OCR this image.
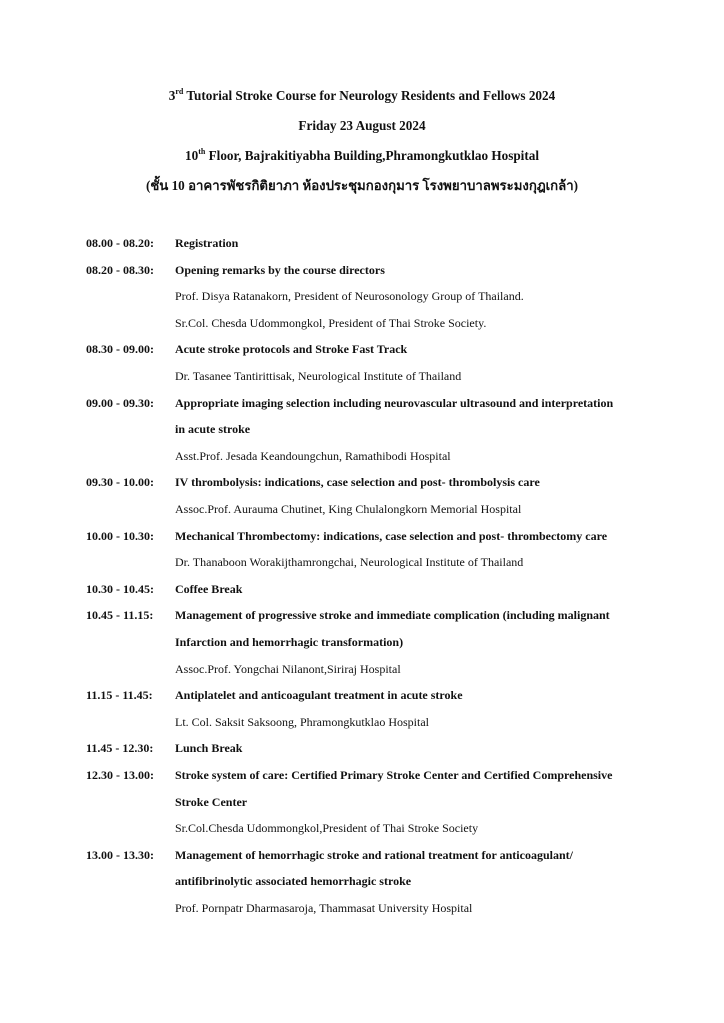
3rd Tutorial Stroke Course for Neurology Residents and Fellows 2024
Friday 23 August 2024
10th Floor, Bajrakitiyabha Building,Phramongkutklao Hospital
(ชั้น 10 อาคารพัชรกิติยาภา ห้องประชุมกองกุมาร โรงพยาบาลพระมงกุฎเกล้า)
08.00 - 08.20: Registration
08.20 - 08.30: Opening remarks by the course directors
Prof. Disya Ratanakorn, President of Neurosonology Group of Thailand.
Sr.Col. Chesda Udommongkol, President of Thai Stroke Society.
08.30 - 09.00: Acute stroke protocols and Stroke Fast Track
Dr. Tasanee Tantirittisak, Neurological Institute of Thailand
09.00 - 09.30: Appropriate imaging selection including neurovascular ultrasound and interpretation
in acute stroke
Asst.Prof. Jesada Keandoungchun, Ramathibodi Hospital
09.30 - 10.00: IV thrombolysis: indications, case selection and post- thrombolysis care
Assoc.Prof. Aurauma Chutinet, King Chulalongkorn Memorial Hospital
10.00 - 10.30: Mechanical Thrombectomy: indications, case selection and post- thrombectomy care
Dr. Thanaboon Worakijthamrongchai, Neurological Institute of Thailand
10.30 - 10.45: Coffee Break
10.45 - 11.15: Management of progressive stroke and immediate complication (including malignant
Infarction and hemorrhagic transformation)
Assoc.Prof. Yongchai Nilanont,Siriraj Hospital
11.15 - 11.45: Antiplatelet and anticoagulant treatment in acute stroke
Lt. Col. Saksit Saksoong, Phramongkutklao Hospital
11.45 - 12.30: Lunch Break
12.30 - 13.00: Stroke system of care: Certified Primary Stroke Center and Certified Comprehensive
Stroke Center
Sr.Col.Chesda Udommongkol,President of Thai Stroke Society
13.00 - 13.30: Management of hemorrhagic stroke and rational treatment for anticoagulant/
antifibrinolytic associated hemorrhagic stroke
Prof. Pornpatr Dharmasaroja, Thammasat University Hospital
